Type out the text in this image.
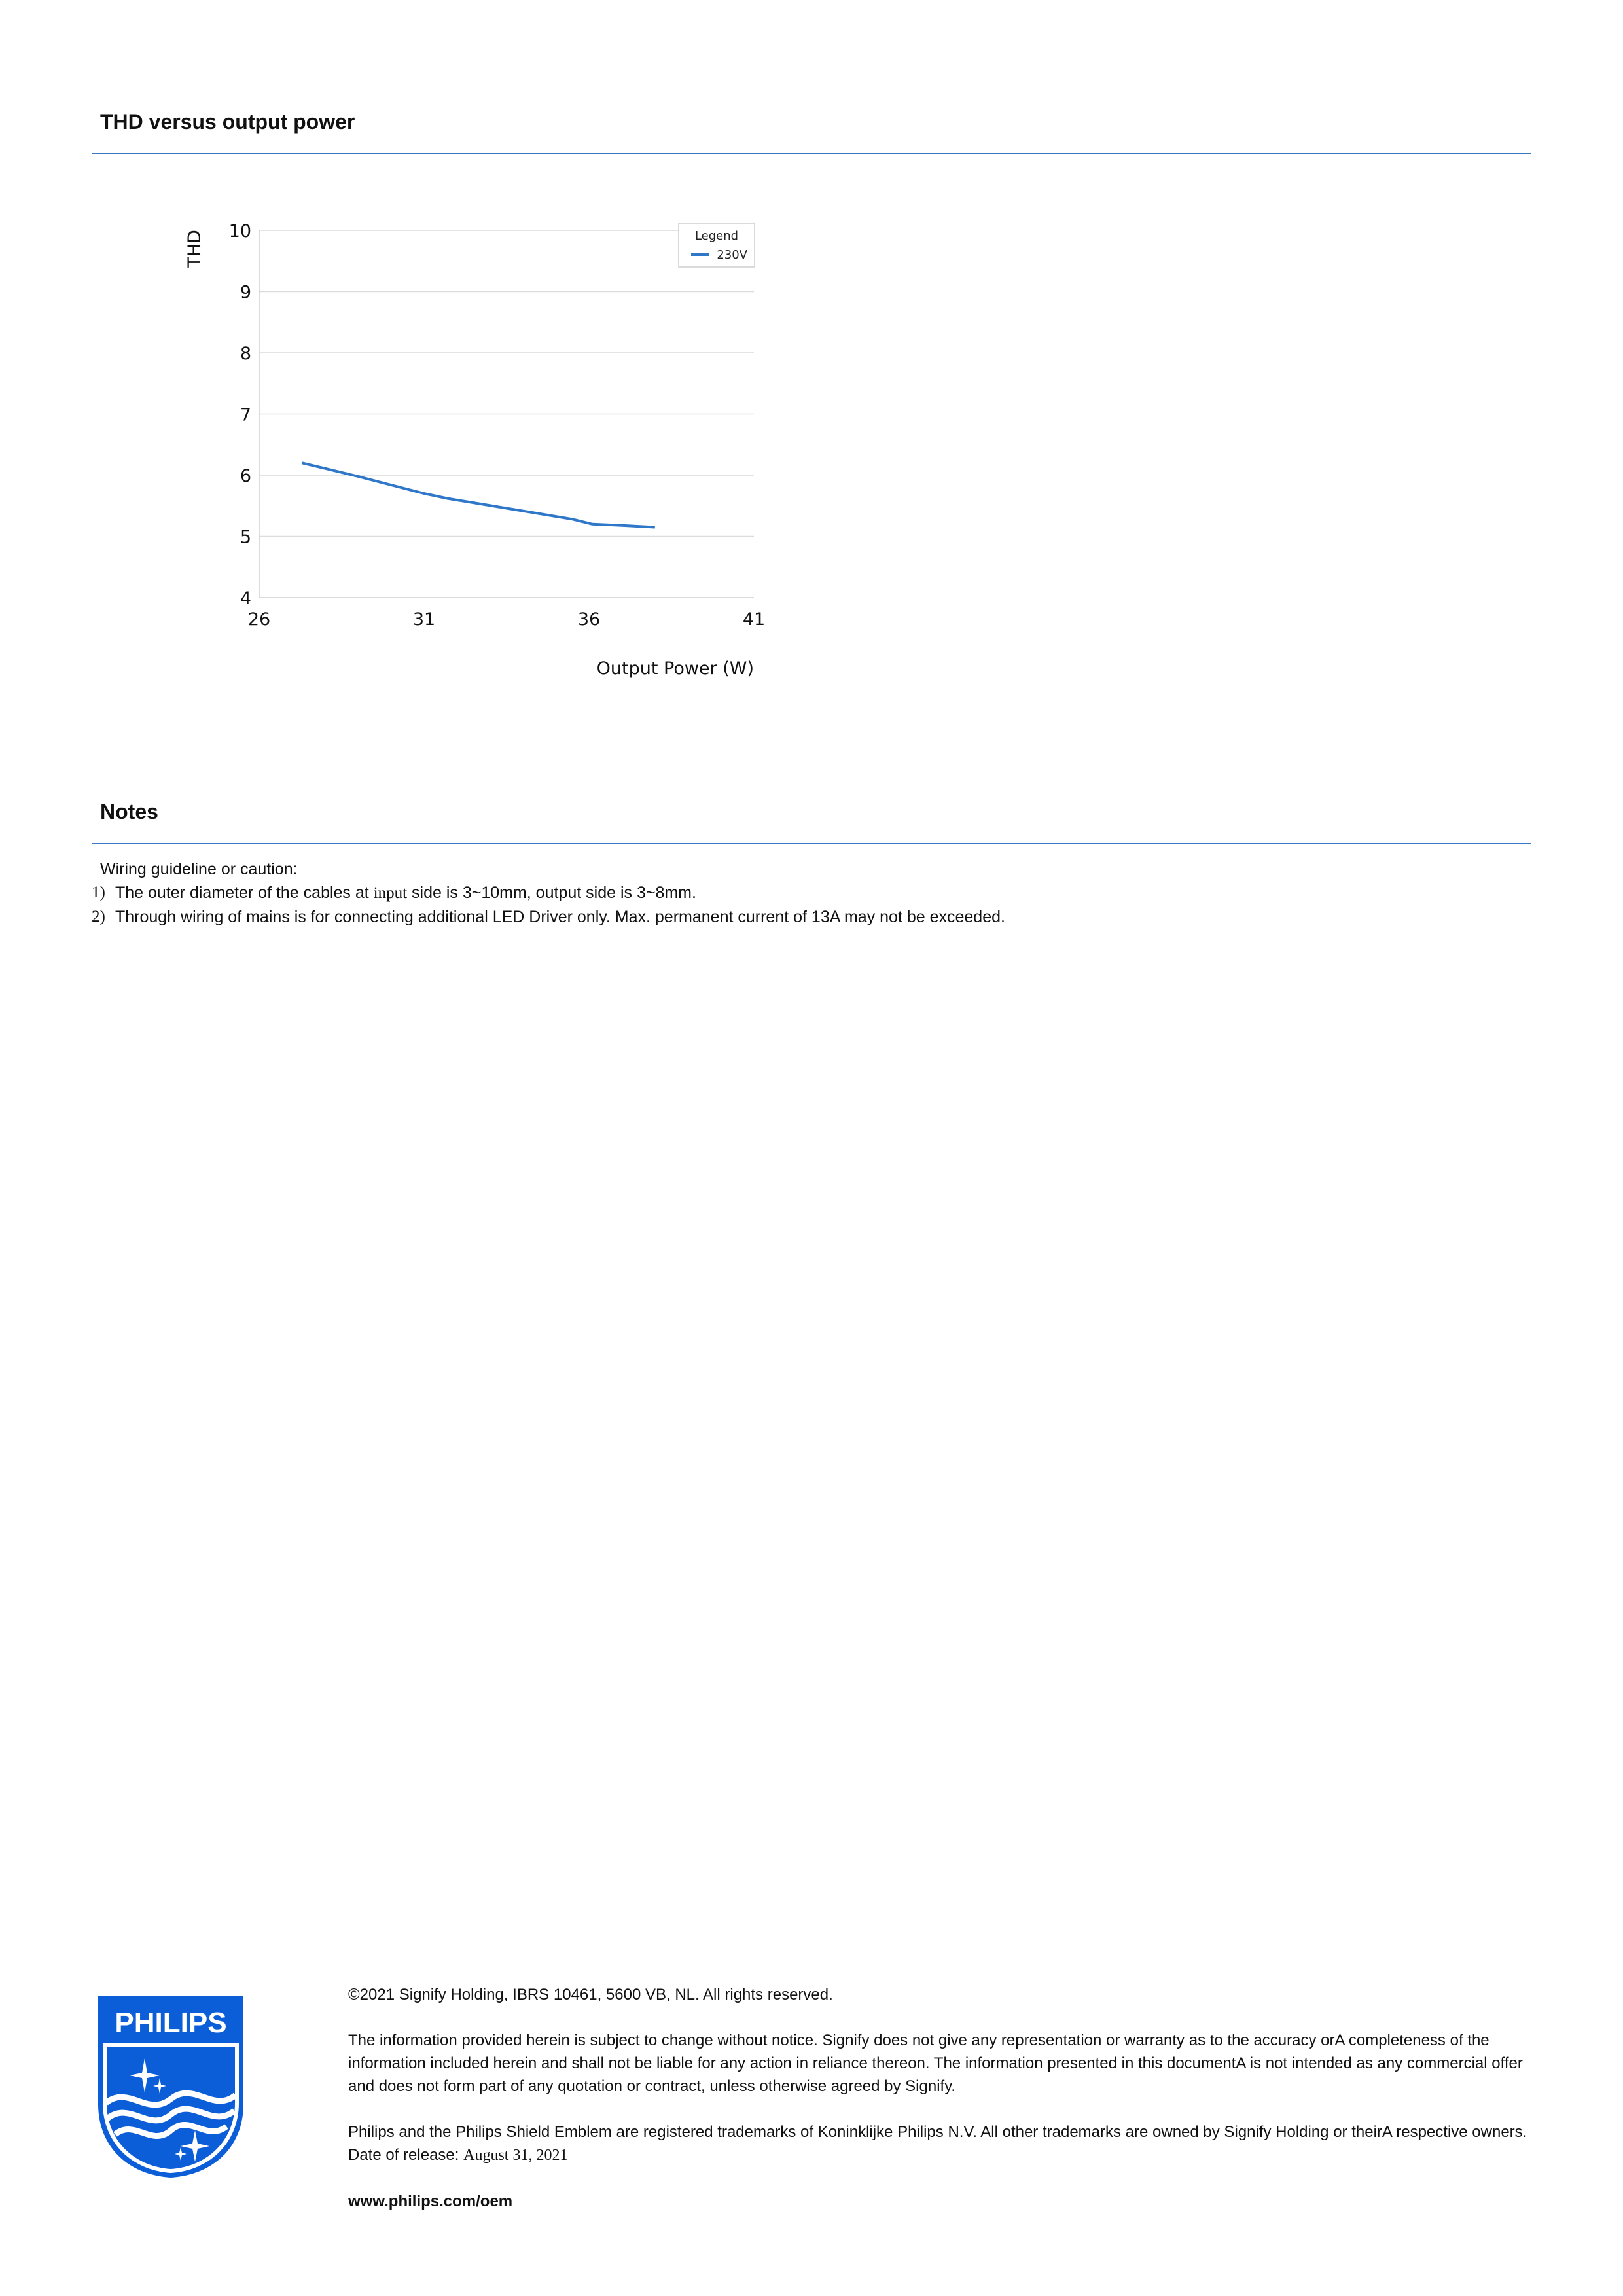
THD versus output power
4
5
6
7
8
9
10
26	31	36	41
THD
Output Power (W)
Legend
230V
Notes
Wiring guideline or caution:
1) The outer diameter of the cables at input side is 3~10mm, output side is 3~8mm.
2) Through wiring of mains is for connecting additional LED Driver only. Max. permanent current of 13A may not be exceeded.
PHILIPS

©2021 Signify Holding, IBRS 10461, 5600 VB, NL. All rights reserved.

The information provided herein is subject to change without notice. Signify does not give any representation or warranty as to the accuracy orA completeness of the information included herein and shall not be liable for any action in reliance thereon. The information presented in this documentA is not intended as any commercial offer and does not form part of any quotation or contract, unless otherwise agreed by Signify.

Philips and the Philips Shield Emblem are registered trademarks of Koninklijke Philips N.V. All other trademarks are owned by Signify Holding or theirA respective owners.

Date of release: August 31, 2021

www.philips.com/oem
